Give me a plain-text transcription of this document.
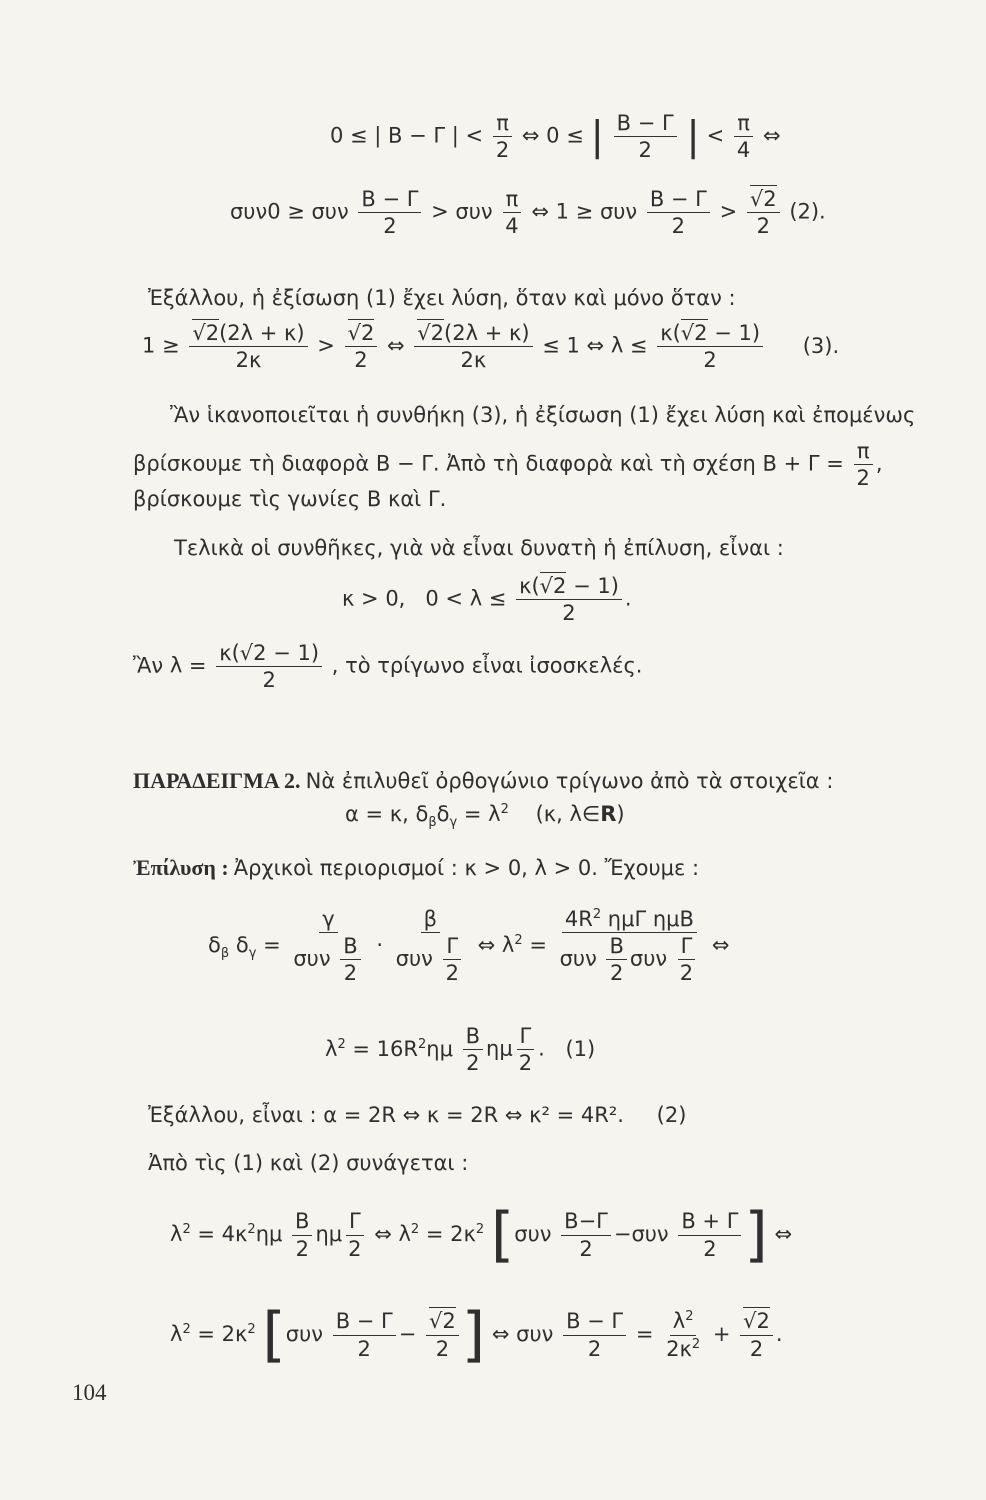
0 ≤ | Β − Γ | < $\frac{\pi}{2}$ ⇔ 0 ≤ | $\frac{B - \Gamma}{2}$ | < $\frac{\pi}{4}$ ⇔
συν0 ≥ συν $\frac{B - \Gamma}{2} > \sigma\upsilon\nu \frac{\pi}{4}$ ⇔ 1 ≥ συν $\frac{B - \Gamma}{2} > \frac{√2}{2} (2)$.
Ἐξάλλου, ἡ ἐξίσωση (1) ἔχει λύση, ὅταν καὶ μόνο ὅταν :
$1 \ge \frac{√2(2\lambda + \kappa)}{2\kappa} > \frac{√2}{2}$ ⇔ $\frac{√2(2\lambda + \kappa)}{2\kappa} \le 1$ ⇔ $\lambda \le \frac{\kappa(√2 - 1)}{2} (3)$.
Ἂν ἱκανοποιεῖται ἡ συνθήκη (3), ἡ ἐξίσωση (1) ἔχει λύση καὶ ἐπομένως
βρίσκουμε τὴ διαφορὰ Β − Γ. Ἀπὸ τὴ διαφορὰ καὶ τὴ σχέση $B + \Gamma = \frac{\pi}{2}$ ,
βρίσκουμε τὶς γωνίες Β καὶ Γ.
Τελικὰ οἱ συνθῆκες, γιὰ νὰ εἶναι δυνατὴ ἡ ἐπίλυση, εἶναι :
κ > 0,   $0 < \lambda \le \frac{\kappa(√2 - 1)}{2}$ .
Ἂν $\lambda = \frac{\kappa(√2 - 1)}{2}$ , τὸ τρίγωνο εἶναι ἰσοσκελές.
ΠΑΡΑΔΕΙΓΜΑ 2. Νὰ ἐπιλυθεῖ ὀρθογώνιο τρίγωνο ἀπὸ τὰ στοιχεῖα :
α = κ, $\delta_\beta\delta_\gamma = \lambda^2$ (κ, λ∈R)
Ἐπίλυση : Ἀρχικοὶ περιορισμοί : κ > 0, λ > 0. Ἔχουμε :
$\delta_\beta$ $\delta_\gamma = \frac{\gamma}{\sigma\upsilon\nu \frac{B}{2}} \cdot \frac{\beta}{\sigma\upsilon\nu \frac{\Gamma}{2}}$ ⇔ $\lambda^2 = \frac{4R^2 \eta\mu\Gamma \eta\mu B}{\sigma\upsilon\nu \frac{B}{2} \sigma\upsilon\nu \frac{\Gamma}{2}}$ ⇔
$\lambda^2 = 16R^2\eta\mu \frac{B}{2}$ ημ $\frac{\Gamma}{2}$ . (1)
Ἐξάλλου, εἶναι : α = 2R ⇔ κ = 2R ⇔ κ² = 4R². (2)
Ἀπὸ τὶς (1) καὶ (2) συνάγεται :
$\lambda^2 = 4\kappa^2\eta\mu \frac{B}{2}$ ημ $\frac{\Gamma}{2}$ ⇔ $\lambda^2 = 2\kappa^2$ [$\sigma\upsilon\nu \frac{B-\Gamma}{2} -\sigma\upsilon\nu \frac{B + \Gamma}{2}$ ] ⇔
$\lambda^2 = 2\kappa^2$ [$\sigma\upsilon\nu \frac{B - \Gamma}{2} - \frac{√2}{2}$ ] ⇔ συν $\frac{B - \Gamma}{2} = \frac{\lambda^2}{2\kappa^2} + \frac{√2}{2}$ .
104
